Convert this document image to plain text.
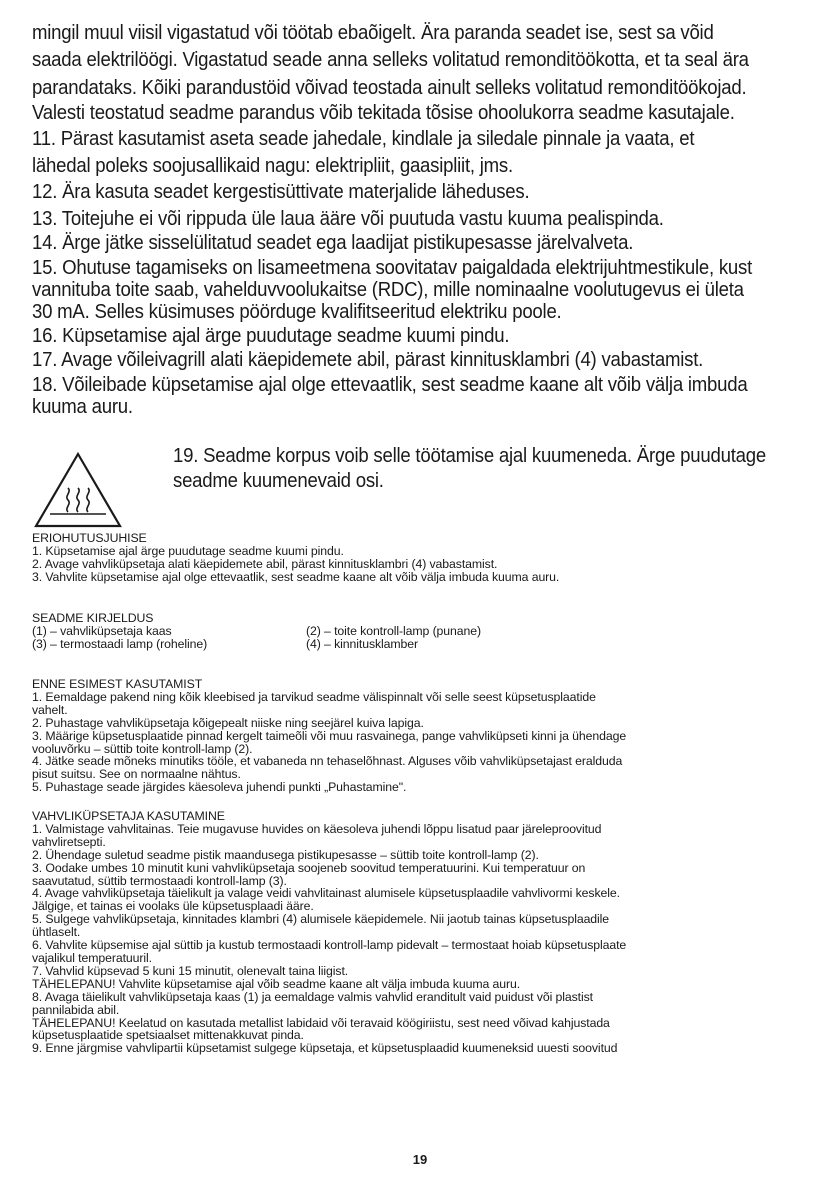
mingil muul viisil vigastatud või töötab ebaõigelt. Ära paranda seadet ise, sest sa võid

saada elektrilöögi. Vigastatud seade anna selleks volitatud remonditöökotta, et ta seal ära

parandataks. Kõiki parandustöid võivad teostada ainult selleks volitatud remonditöökojad.

Valesti teostatud seadme parandus võib tekitada tõsise ohoolukorra seadme kasutajale.

11. Pärast kasutamist aseta seade jahedale, kindlale ja siledale pinnale ja vaata, et

lähedal poleks soojusallikaid nagu: elektripliit, gaasipliit, jms.

12. Ära kasuta seadet kergestisüttivate materjalide läheduses.

13. Toitejuhe ei või rippuda üle laua ääre või puutuda vastu kuuma pealispinda.

14. Ärge jätke sisselülitatud seadet ega laadijat pistikupesasse järelvalveta.

15. Ohutuse tagamiseks on lisameetmena soovitatav paigaldada elektrijuhtmestikule, kust

vannituba toite saab, vahelduvvoolukaitse (RDC), mille nominaalne voolutugevus ei ületa

30 mA. Selles küsimuses pöörduge kvalifitseeritud elektriku poole.

16. Küpsetamise ajal ärge puudutage seadme kuumi pindu.

17. Avage võileivagrill alati käepidemete abil, pärast kinnitusklambri (4) vabastamist.

18. Võileibade küpsetamise ajal olge ettevaatlik, sest seadme kaane alt võib välja imbuda

kuuma auru.

19. Seadme korpus voib selle töötamise ajal kuumeneda. Ärge puudutage

seadme kuumenevaid osi.

ERIOHUTUSJUHISE

1. Küpsetamise ajal ärge puudutage seadme kuumi pindu.

2. Avage vahvliküpsetaja alati käepidemete abil, pärast kinnitusklambri (4) vabastamist.

3. Vahvlite küpsetamise ajal olge ettevaatlik, sest seadme kaane alt võib välja imbuda kuuma auru.

SEADME KIRJELDUS

(1) – vahvliküpsetaja kaas	(2) – toite kontroll-lamp (punane)
(3) – termostaadi lamp (roheline)	(4) – kinnitusklamber

ENNE ESIMEST KASUTAMIST

1. Eemaldage pakend ning kõik kleebised ja tarvikud seadme välispinnalt või selle seest küpsetusplaatide

vahelt.

2. Puhastage vahvliküpsetaja kõigepealt niiske ning seejärel kuiva lapiga.

3. Määrige küpsetusplaatide pinnad kergelt taimeõli või muu rasvainega, pange vahvliküpseti kinni ja ühendage

vooluvõrku – süttib toite kontroll-lamp (2).

4. Jätke seade mõneks minutiks tööle, et vabaneda nn tehaselõhnast. Alguses võib vahvliküpsetajast eralduda

pisut suitsu. See on normaalne nähtus.

5. Puhastage seade järgides käesoleva juhendi punkti „Puhastamine".

VAHVLIKÜPSETAJA KASUTAMINE

1. Valmistage vahvlitainas. Teie mugavuse huvides on käesoleva juhendi lõppu lisatud paar järeleproovitud

vahvliretsepti.

2. Ühendage suletud seadme pistik maandusega pistikupesasse – süttib toite kontroll-lamp (2).

3. Oodake umbes 10 minutit kuni vahvliküpsetaja soojeneb soovitud temperatuurini. Kui temperatuur on

saavutatud, süttib termostaadi kontroll-lamp (3).

4. Avage vahvliküpsetaja täielikult ja valage veidi vahvlitainast alumisele küpsetusplaadile vahvlivormi keskele.

Jälgige, et tainas ei voolaks üle küpsetusplaadi ääre.

5. Sulgege vahvliküpsetaja, kinnitades klambri (4) alumisele käepidemele. Nii jaotub tainas küpsetusplaadile

ühtlaselt.

6. Vahvlite küpsemise ajal süttib ja kustub termostaadi kontroll-lamp pidevalt – termostaat hoiab küpsetusplaate

vajalikul temperatuuril.

7. Vahvlid küpsevad 5 kuni 15 minutit, olenevalt taina liigist.

TÄHELEPANU! Vahvlite küpsetamise ajal võib seadme kaane alt välja imbuda kuuma auru.

8. Avaga täielikult vahvliküpsetaja kaas (1) ja eemaldage valmis vahvlid eranditult vaid puidust või plastist

pannilabida abil.

TÄHELEPANU! Keelatud on kasutada metallist labidaid või teravaid köögiriistu, sest need võivad kahjustada

küpsetusplaatide spetsiaalset mittenakkuvat pinda.

9. Enne järgmise vahvlipartii küpsetamist sulgege küpsetaja, et küpsetusplaadid kuumeneksid uuesti soovitud

19
